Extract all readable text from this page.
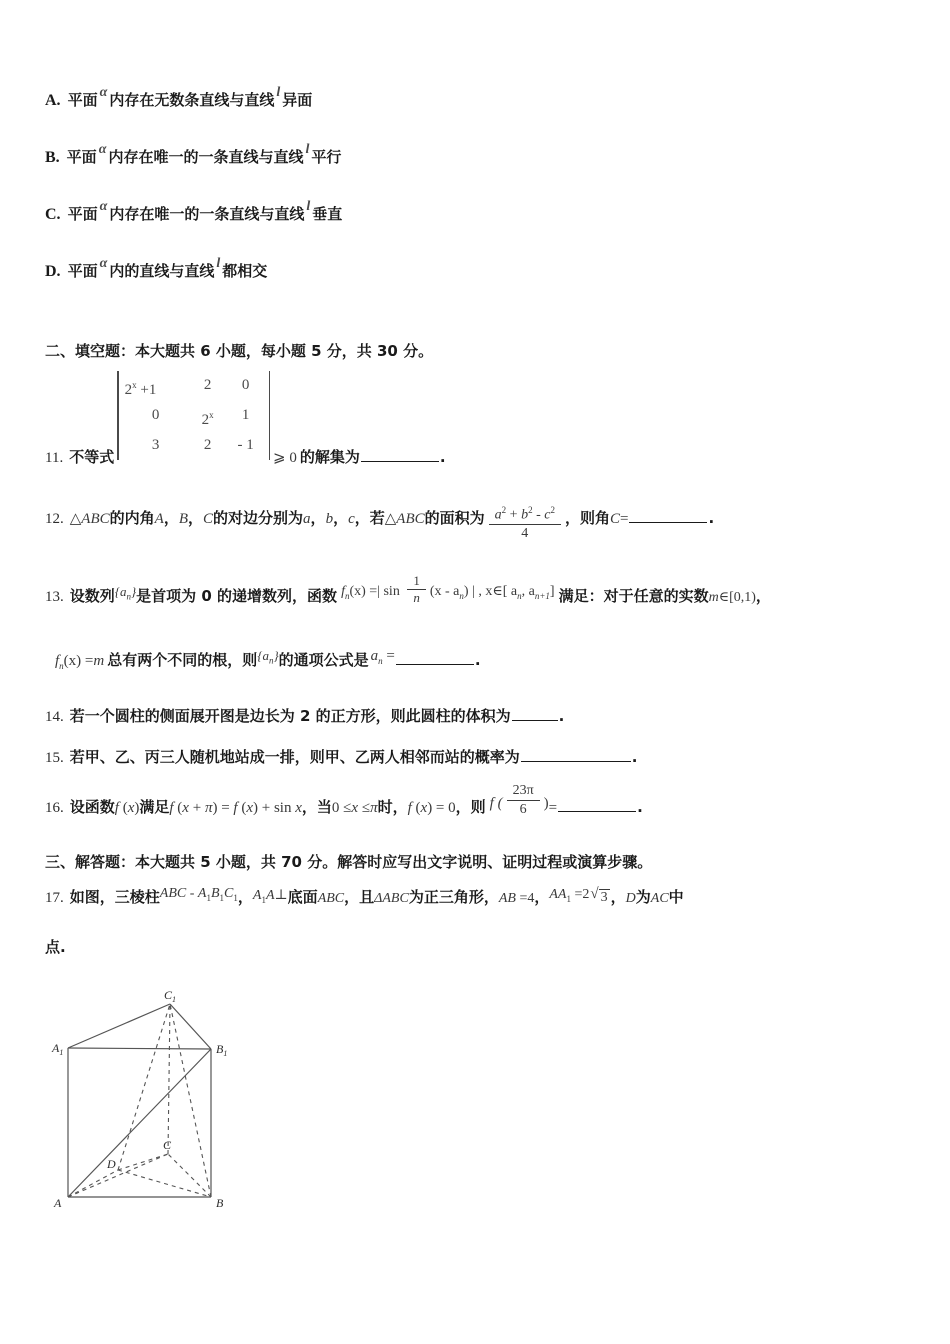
A. 平面 α 内存在无数条直线与直线 l 异面
B. 平面 α 内存在唯一的一条直线与直线 l 平行
C. 平面 α 内存在唯一的一条直线与直线 l 垂直
D. 平面 α 内的直线与直线 l 都相交
二、填空题：本大题共 6 小题，每小题 5 分，共 30 分。
11. 不等式
$2^x +1$	2	0
0	2$^x$	1
3	2	- 1
⩾ 0 的解集为	.
12. △ABC 的内角 A ， B ， C 的对边分别为 a ， b ， c ，若 △ABC 的面积为 $\frac{a^2 + b^2 - c^2}{4}$ ，则角 C =	.
13. 设数列 $\{a_n\}$ 是首项为 0 的递增数列，函数 $f_n(x)$ =| $\sin \frac{1}{n} (x - a_n)$ | , x∈[ $a_n$, $a_{n+1}$] 满足：对于任意的实数 m∈[0,1) ，
$f_n(x) =m$ 总有两个不同的根，则 $\{a_n\}$ 的通项公式是 $a_n$ =	.
14. 若一个圆柱的侧面展开图是边长为 2 的正方形，则此圆柱的体积为	.
15. 若甲、乙、丙三人随机地站成一排，则甲、乙两人相邻而站的概率为	.
16. 设函数 f (x) 满足 f (x + π) = f (x) + sin x ，当 0 ≤x ≤π 时， f (x) = 0 ，则 f ( $\frac{23\pi}{6}$ ) =	.
三、解答题：本大题共 5 小题，共 70 分。解答时应写出文字说明、证明过程或演算步骤。
17. 如图，三棱柱 ABC - $A_1B_1C_1$ ， $A_1A\perp$ 底面 ABC ，且 ΔABC 为正三角形， AB =4 ， $AA_1 =2$ √ 3 ， D 为 AC 中
点.
$A_1$	$B_1$
$C_1$
A	B
C
D
